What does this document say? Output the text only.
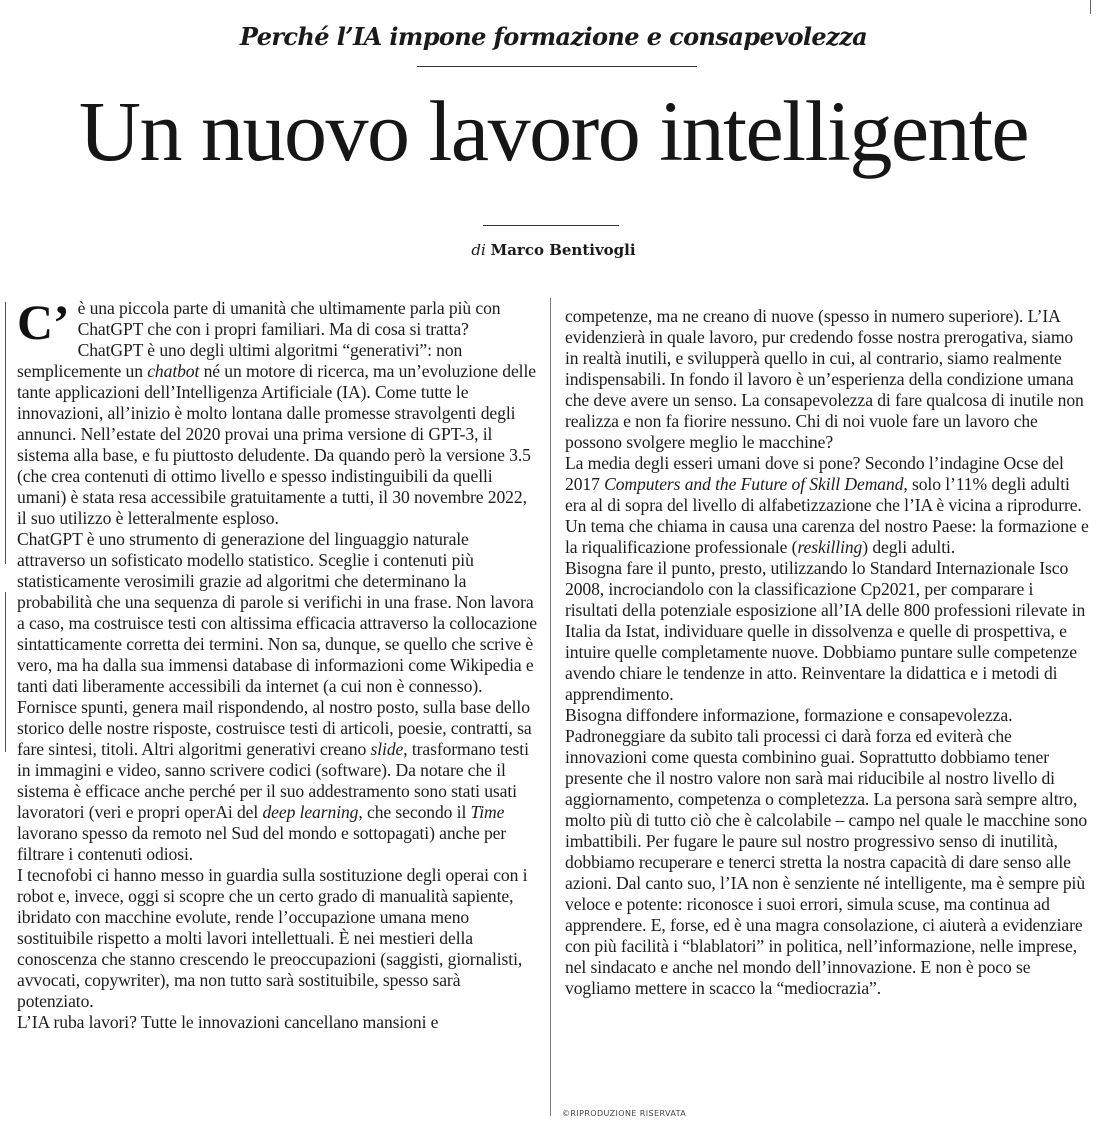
Perché l’IA impone formazione e consapevolezza
Un nuovo lavoro intelligente
di Marco Bentivogli
C’ è una piccola parte di umanità che ultimamente parla più con ChatGPT che con i propri familiari. Ma di cosa si tratta? ChatGPT è uno degli ultimi algoritmi “generativi”: non semplicemente un chatbot né un motore di ricerca, ma un’evoluzione delle tante applicazioni dell’Intelligenza Artificiale (IA). Come tutte le innovazioni, all’inizio è molto lontana dalle promesse stravolgenti degli annunci. Nell’estate del 2020 provai una prima versione di GPT-3, il sistema alla base, e fu piuttosto deludente. Da quando però la versione 3.5 (che crea contenuti di ottimo livello e spesso indistinguibili da quelli umani) è stata resa accessibile gratuitamente a tutti, il 30 novembre 2022, il suo utilizzo è letteralmente esploso.

ChatGPT è uno strumento di generazione del linguaggio naturale attraverso un sofisticato modello statistico. Sceglie i contenuti più statisticamente verosimili grazie ad algoritmi che determinano la probabilità che una sequenza di parole si verifichi in una frase. Non lavora a caso, ma costruisce testi con altissima efficacia attraverso la collocazione sintatticamente corretta dei termini. Non sa, dunque, se quello che scrive è vero, ma ha dalla sua immensi database di informazioni come Wikipedia e tanti dati liberamente accessibili da internet (a cui non è connesso). Fornisce spunti, genera mail rispondendo, al nostro posto, sulla base dello storico delle nostre risposte, costruisce testi di articoli, poesie, contratti, sa fare sintesi, titoli. Altri algoritmi generativi creano slide, trasformano testi in immagini e video, sanno scrivere codici (software). Da notare che il sistema è efficace anche perché per il suo addestramento sono stati usati lavoratori (veri e propri operAi del deep learning, che secondo il Time lavorano spesso da remoto nel Sud del mondo e sottopagati) anche per filtrare i contenuti odiosi.

I tecnofobi ci hanno messo in guardia sulla sostituzione degli operai con i robot e, invece, oggi si scopre che un certo grado di manualità sapiente, ibridato con macchine evolute, rende l’occupazione umana meno sostituibile rispetto a molti lavori intellettuali. È nei mestieri della conoscenza che stanno crescendo le preoccupazioni (saggisti, giornalisti, avvocati, copywriter), ma non tutto sarà sostituibile, spesso sarà potenziato.

L’IA ruba lavori? Tutte le innovazioni cancellano mansioni e

competenze, ma ne creano di nuove (spesso in numero superiore). L’IA evidenzierà in quale lavoro, pur credendo fosse nostra prerogativa, siamo in realtà inutili, e svilupperà quello in cui, al contrario, siamo realmente indispensabili. In fondo il lavoro è un’esperienza della condizione umana che deve avere un senso. La consapevolezza di fare qualcosa di inutile non realizza e non fa fiorire nessuno. Chi di noi vuole fare un lavoro che possono svolgere meglio le macchine?

La media degli esseri umani dove si pone? Secondo l’indagine Ocse del 2017 Computers and the Future of Skill Demand, solo l’11% degli adulti era al di sopra del livello di alfabetizzazione che l’IA è vicina a riprodurre. Un tema che chiama in causa una carenza del nostro Paese: la formazione e la riqualificazione professionale (reskilling) degli adulti.

Bisogna fare il punto, presto, utilizzando lo Standard Internazionale Isco 2008, incrociandolo con la classificazione Cp2021, per comparare i risultati della potenziale esposizione all’IA delle 800 professioni rilevate in Italia da Istat, individuare quelle in dissolvenza e quelle di prospettiva, e intuire quelle completamente nuove. Dobbiamo puntare sulle competenze avendo chiare le tendenze in atto. Reinventare la didattica e i metodi di apprendimento.

Bisogna diffondere informazione, formazione e consapevolezza. Padroneggiare da subito tali processi ci darà forza ed eviterà che innovazioni come questa combinino guai. Soprattutto dobbiamo tener presente che il nostro valore non sarà mai riducibile al nostro livello di aggiornamento, competenza o completezza. La persona sarà sempre altro, molto più di tutto ciò che è calcolabile – campo nel quale le macchine sono imbattibili. Per fugare le paure sul nostro progressivo senso di inutilità, dobbiamo recuperare e tenerci stretta la nostra capacità di dare senso alle azioni. Dal canto suo, l’IA non è senziente né intelligente, ma è sempre più veloce e potente: riconosce i suoi errori, simula scuse, ma continua ad apprendere. E, forse, ed è una magra consolazione, ci aiuterà a evidenziare con più facilità i “blablatori” in politica, nell’informazione, nelle imprese, nel sindacato e anche nel mondo dell’innovazione. E non è poco se vogliamo mettere in scacco la “mediocrazia”.

©RIPRODUZIONE RISERVATA
